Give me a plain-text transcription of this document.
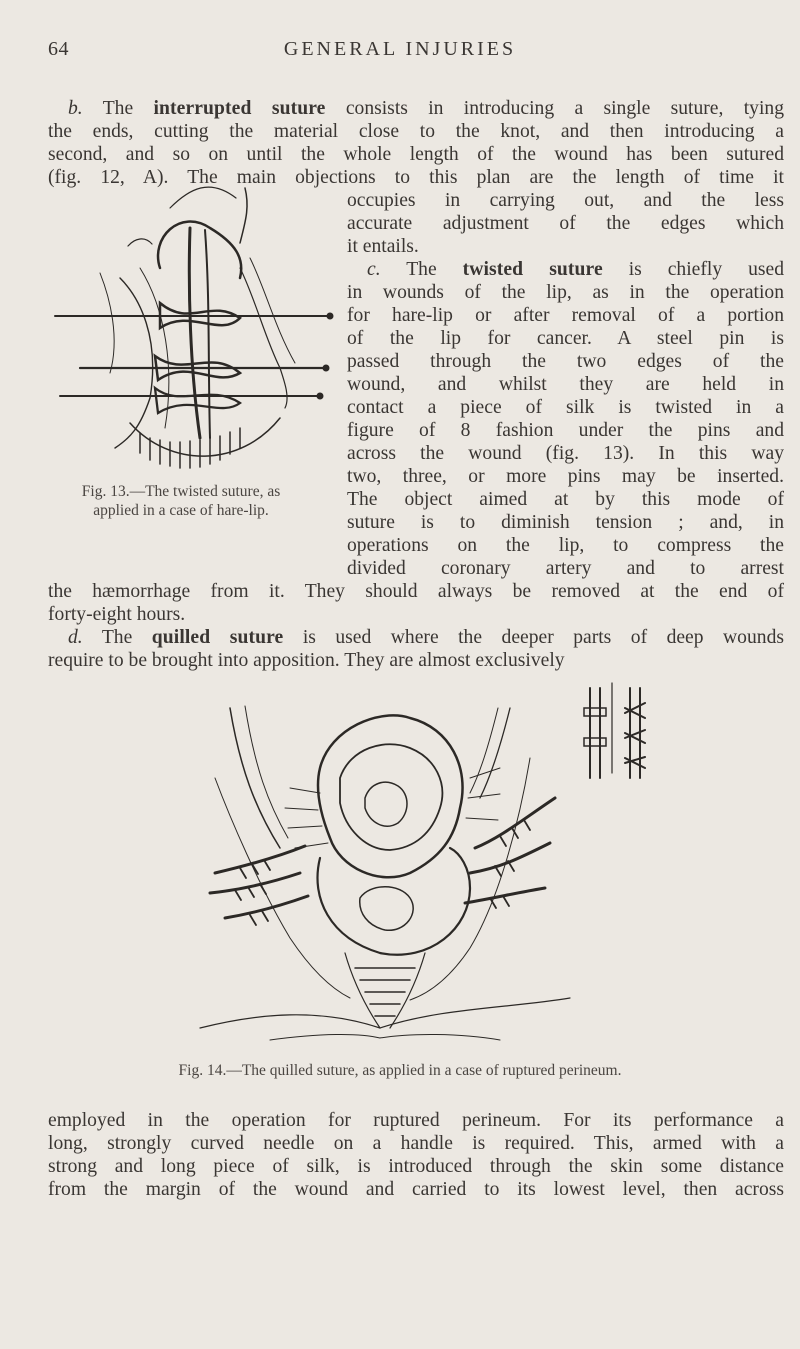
64	GENERAL INJURIES
b. The interrupted suture consists in introducing a single suture, tying
the ends, cutting the material close to the knot, and then introducing a
second, and so on until the whole length of the wound has been sutured
(fig. 12, A). The main objections to this plan are the length of time it
occupies in carrying out, and the less
accurate adjustment of the edges which
it entails.
c. The twisted suture is chiefly used
in wounds of the lip, as in the operation
for hare-lip or after removal of a portion
of the lip for cancer. A steel pin is
passed through the two edges of the
wound, and whilst they are held in
contact a piece of silk is twisted in a
figure of 8 fashion under the pins and
across the wound (fig. 13). In this way
two, three, or more pins may be inserted.
The object aimed at by this mode of
suture is to diminish tension ; and, in
operations on the lip, to compress the
divided coronary artery and to arrest
the hæmorrhage from it. They should always be removed at the end of
forty-eight hours.
d. The quilled suture is used where the deeper parts of deep wounds
require to be brought into apposition. They are almost exclusively
Fig. 13.—The twisted suture, as
applied in a case of hare-lip.
Fig. 14.—The quilled suture, as applied in a case of ruptured perineum.
employed in the operation for ruptured perineum. For its performance a
long, strongly curved needle on a handle is required. This, armed with a
strong and long piece of silk, is introduced through the skin some distance
from the margin of the wound and carried to its lowest level, then across
